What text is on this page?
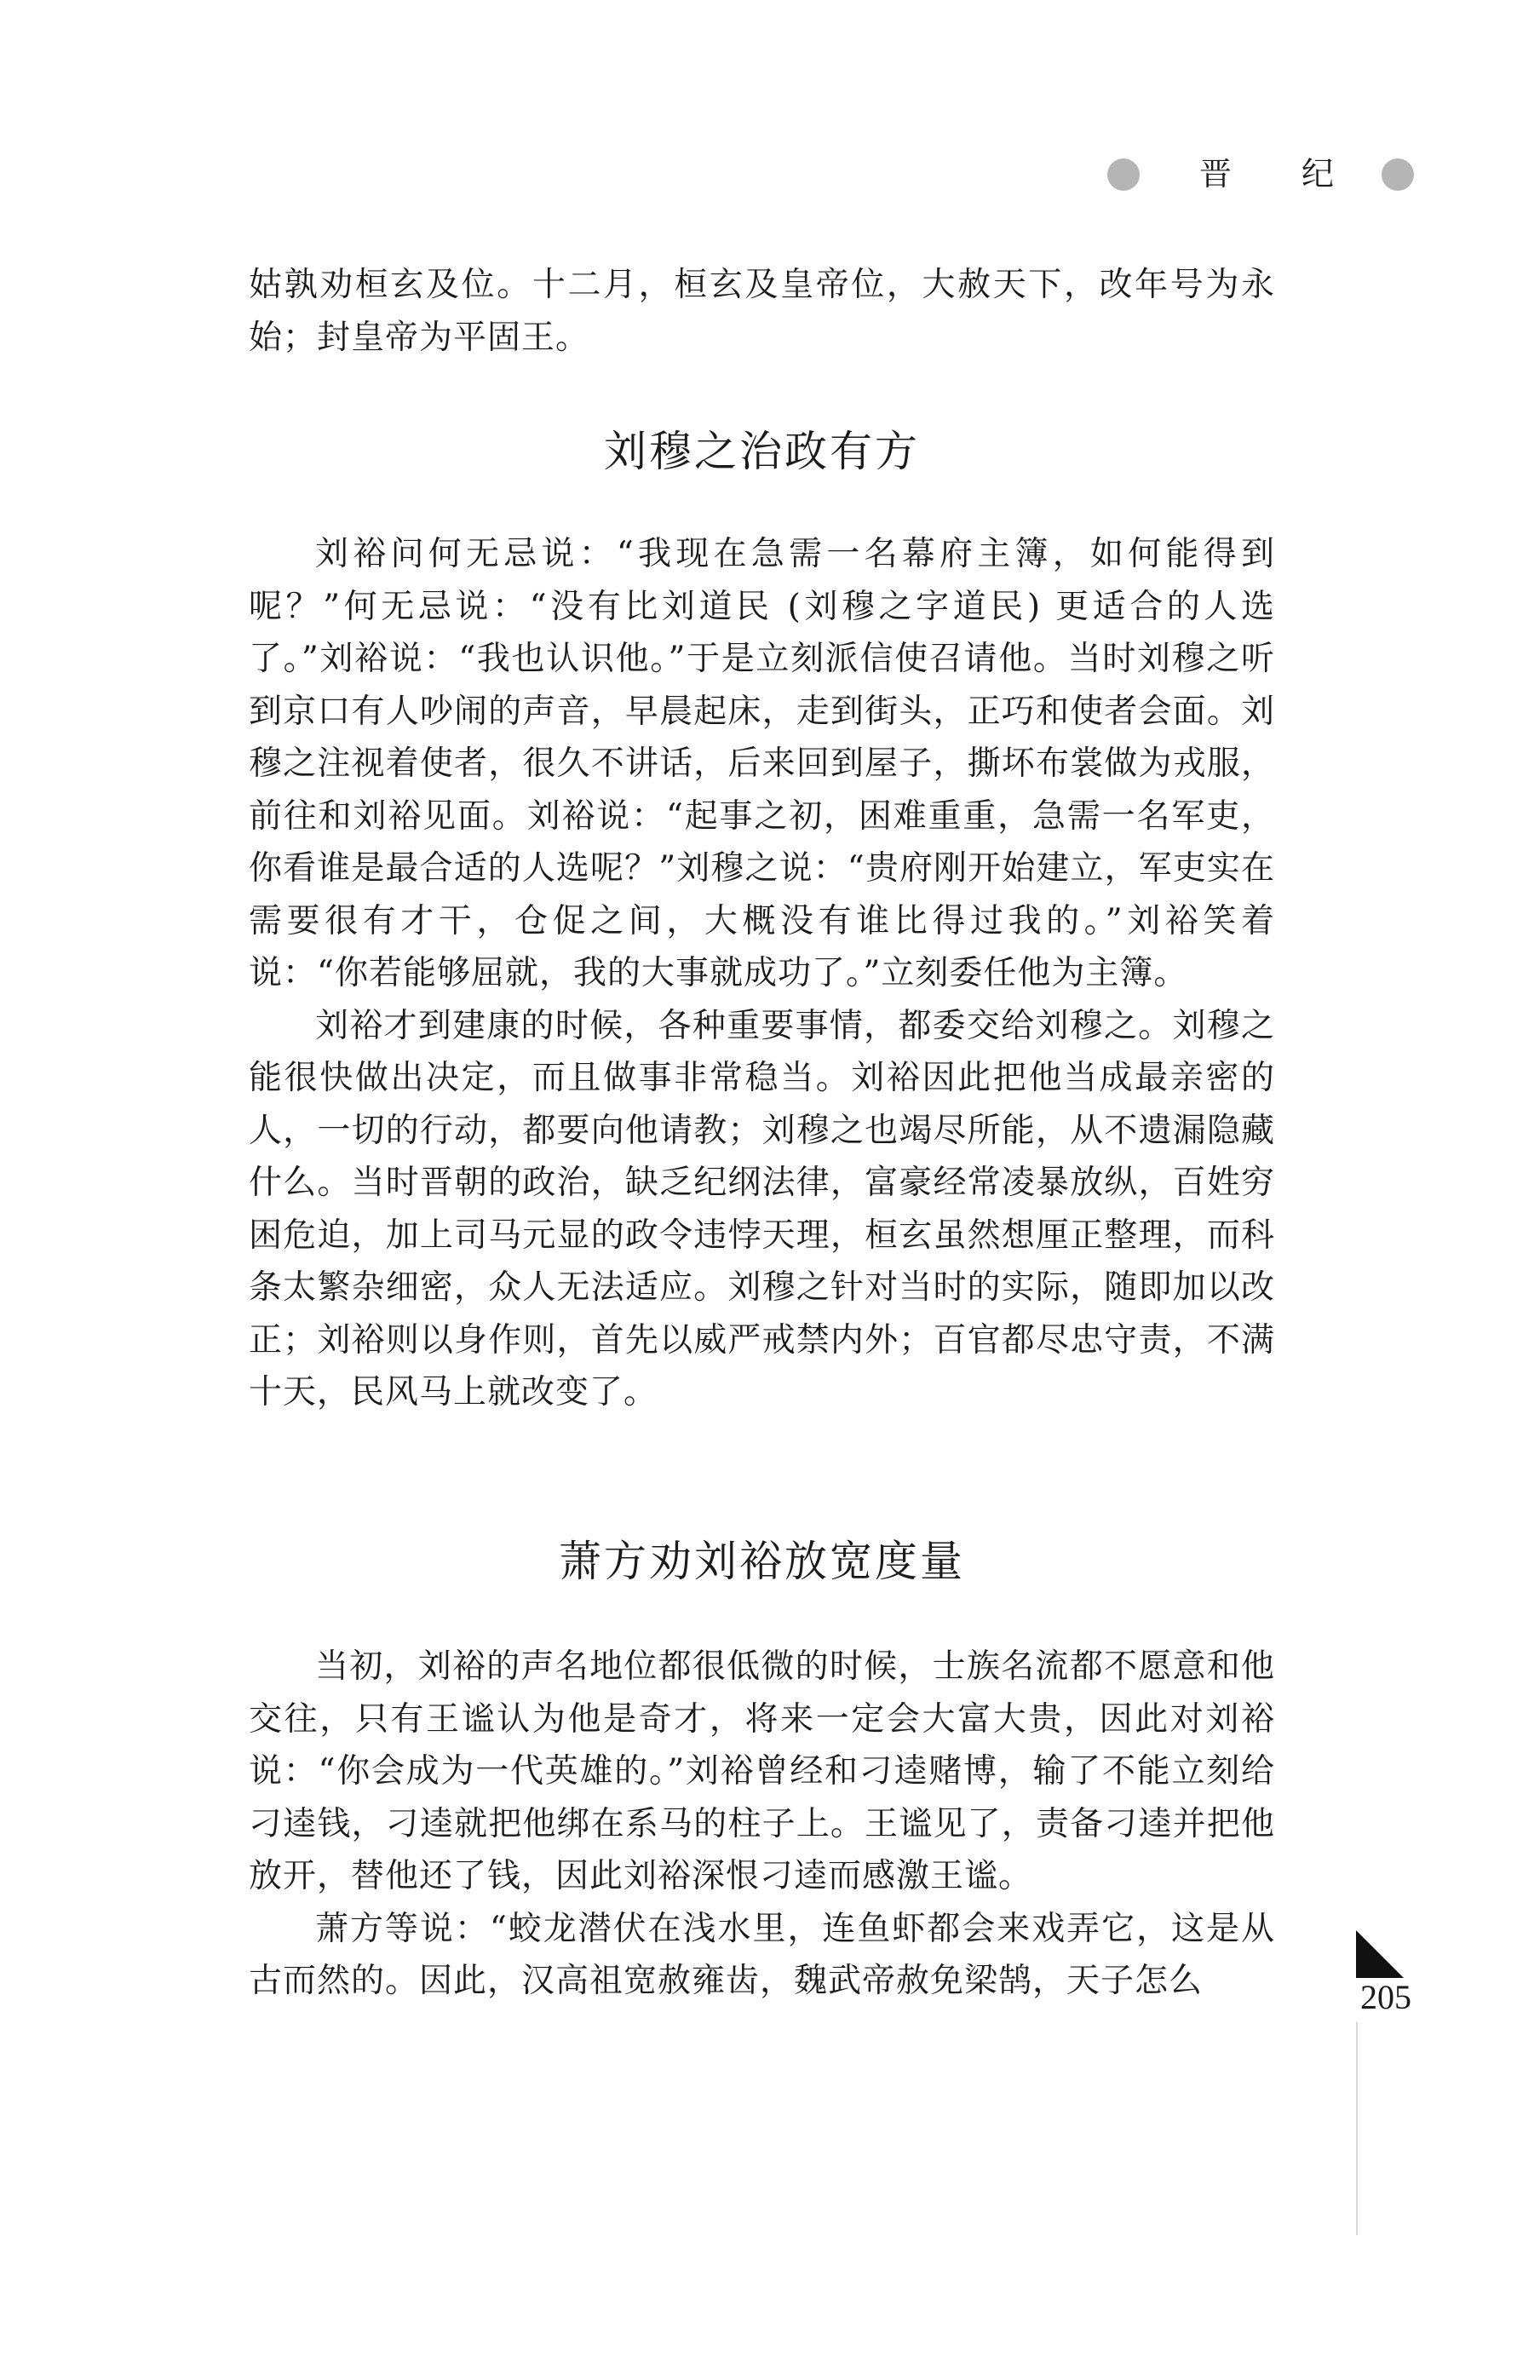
晋 纪

姑孰劝桓玄及位。十二月，桓玄及皇帝位，大赦天下，改年号为永始；封皇帝为平固王。

刘穆之治政有方

刘裕问何无忌说：“我现在急需一名幕府主簿，如何能得到呢？”何无忌说：“没有比刘道民 (刘穆之字道民) 更适合的人选了。”刘裕说：“我也认识他。”于是立刻派信使召请他。当时刘穆之听到京口有人吵闹的声音，早晨起床，走到街头，正巧和使者会面。刘穆之注视着使者，很久不讲话，后来回到屋子，撕坏布裳做为戎服，前往和刘裕见面。刘裕说：“起事之初，困难重重，急需一名军吏，你看谁是最合适的人选呢？”刘穆之说：“贵府刚开始建立，军吏实在需要很有才干，仓促之间，大概没有谁比得过我的。”刘裕笑着说：“你若能够屈就，我的大事就成功了。”立刻委任他为主簿。

刘裕才到建康的时候，各种重要事情，都委交给刘穆之。刘穆之能很快做出决定，而且做事非常稳当。刘裕因此把他当成最亲密的人，一切的行动，都要向他请教；刘穆之也竭尽所能，从不遗漏隐藏什么。当时晋朝的政治，缺乏纪纲法律，富豪经常凌暴放纵，百姓穷困危迫，加上司马元显的政令违悖天理，桓玄虽然想厘正整理，而科条太繁杂细密，众人无法适应。刘穆之针对当时的实际，随即加以改正；刘裕则以身作则，首先以威严戒禁内外；百官都尽忠守责，不满十天，民风马上就改变了。

萧方劝刘裕放宽度量

当初，刘裕的声名地位都很低微的时候，士族名流都不愿意和他交往，只有王谧认为他是奇才，将来一定会大富大贵，因此对刘裕说：“你会成为一代英雄的。”刘裕曾经和刁逵赌博，输了不能立刻给刁逵钱，刁逵就把他绑在系马的柱子上。王谧见了，责备刁逵并把他放开，替他还了钱，因此刘裕深恨刁逵而感激王谧。

萧方等说：“蛟龙潜伏在浅水里，连鱼虾都会来戏弄它，这是从古而然的。因此，汉高祖宽赦雍齿，魏武帝赦免梁鹄，天子怎么	205
